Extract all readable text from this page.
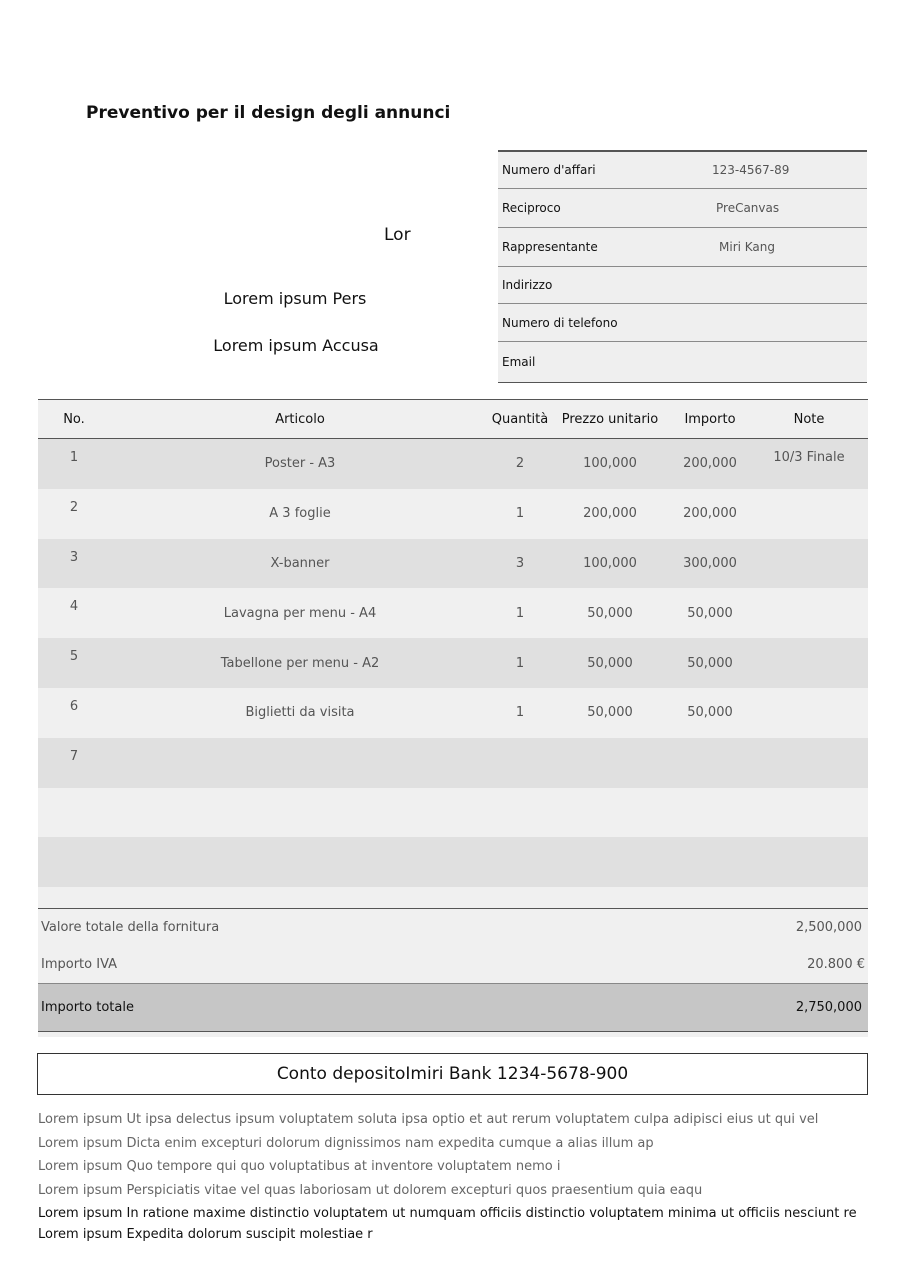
Preventivo per il design degli annunci
Lor
Lorem ipsum Pers
Lorem ipsum Accusa
Numero d'affari	123-4567-89
Reciproco	PreCanvas
Rappresentante	Miri Kang
Indirizzo
Numero di telefono
Email
No.	Articolo	Quantità	Prezzo unitario	Importo	Note
1	Poster - A3	2	100,000	200,000	10/3 Finale
2	A 3 foglie	1	200,000	200,000	
3	X-banner	3	100,000	300,000	
4	Lavagna per menu - A4	1	50,000	50,000	
5	Tabellone per menu - A2	1	50,000	50,000	
6	Biglietti da visita	1	50,000	50,000	
7					

Valore totale della fornitura	2,500,000
Importo IVA	20.800 €
Importo totale	2,750,000
Conto depositoImiri Bank 1234-5678-900
Lorem ipsum Ut ipsa delectus ipsum voluptatem soluta ipsa optio et aut rerum voluptatem culpa adipisci eius ut qui vel
Lorem ipsum Dicta enim excepturi dolorum dignissimos nam expedita cumque a alias illum ap
Lorem ipsum Quo tempore qui quo voluptatibus at inventore voluptatem nemo i
Lorem ipsum Perspiciatis vitae vel quas laboriosam ut dolorem excepturi quos praesentium quia eaqu
Lorem ipsum In ratione maxime distinctio voluptatem ut numquam officiis distinctio voluptatem minima ut officiis nesciunt re
Lorem ipsum Expedita dolorum suscipit molestiae r
